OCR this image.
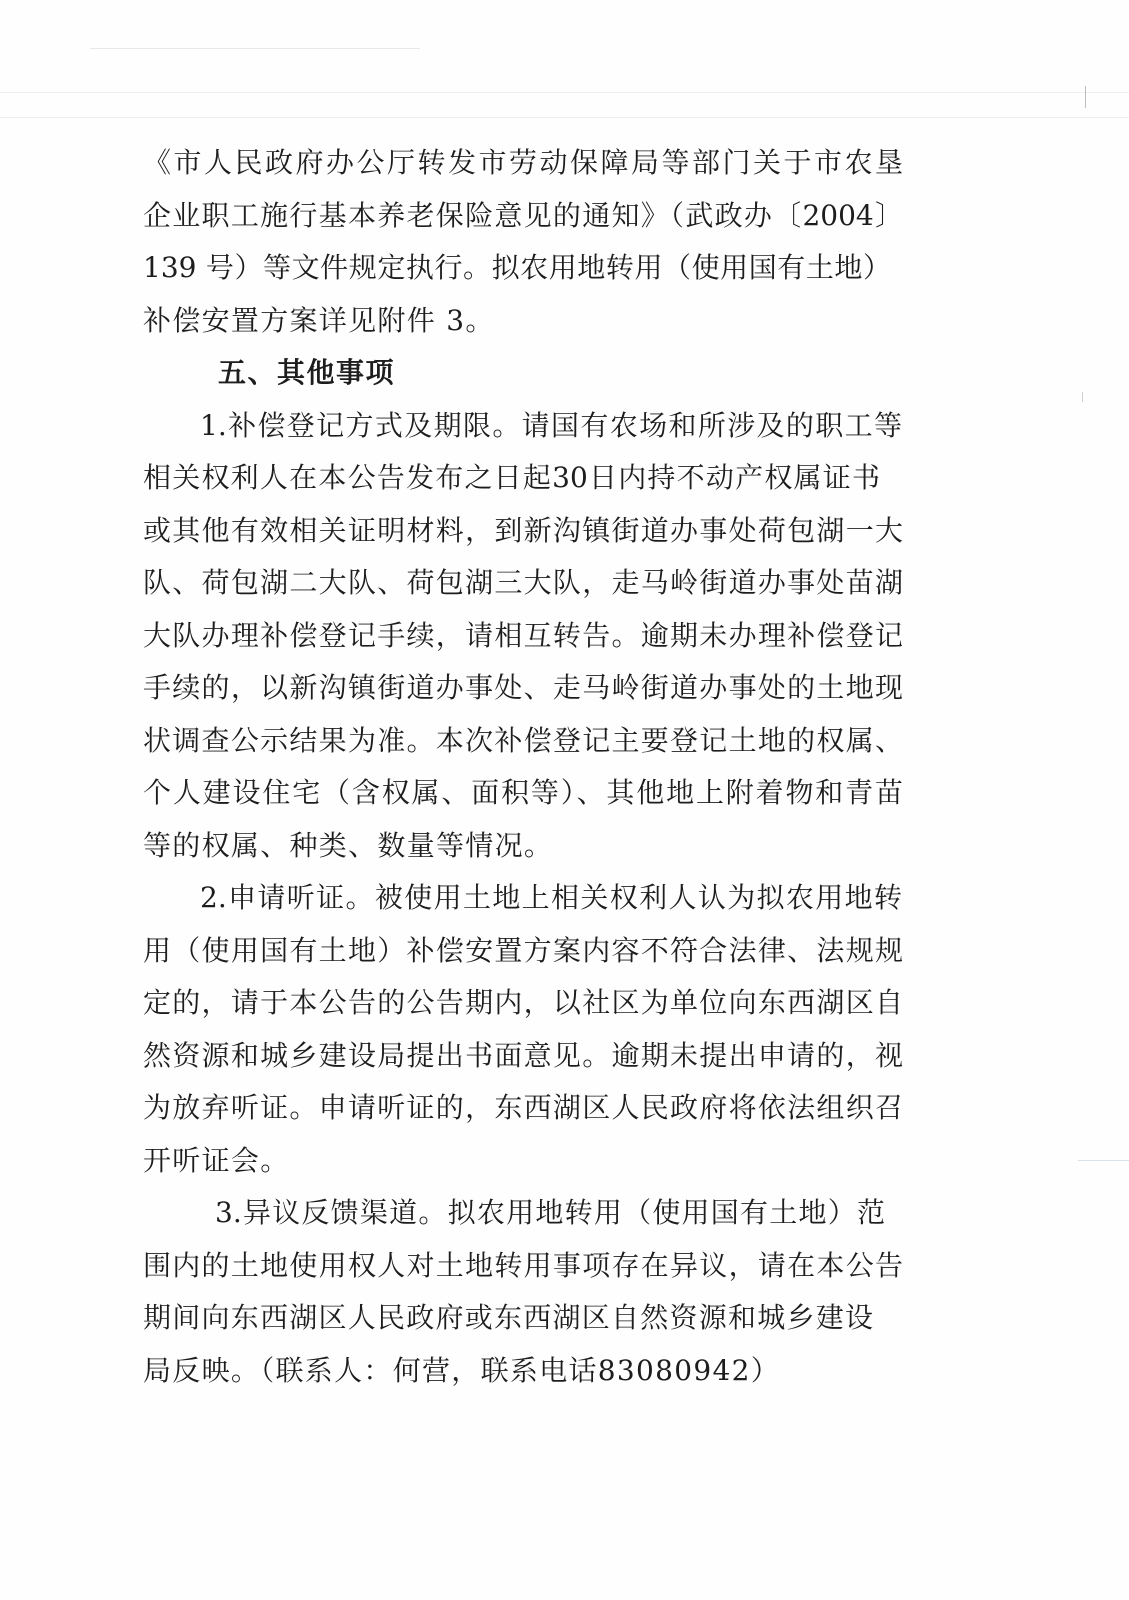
《市人民政府办公厅转发市劳动保障局等部门关于市农垦
企业职工施行基本养老保险意见的通知》（武政办〔2004〕
139 号）等文件规定执行。拟农用地转用（使用国有土地）
补偿安置方案详见附件 3。
五、其他事项
1.补偿登记方式及期限。请国有农场和所涉及的职工等
相关权利人在本公告发布之日起30日内持不动产权属证书
或其他有效相关证明材料，到新沟镇街道办事处荷包湖一大
队、荷包湖二大队、荷包湖三大队，走马岭街道办事处苗湖
大队办理补偿登记手续，请相互转告。逾期未办理补偿登记
手续的，以新沟镇街道办事处、走马岭街道办事处的土地现
状调查公示结果为准。本次补偿登记主要登记土地的权属、
个人建设住宅（含权属、面积等）、其他地上附着物和青苗
等的权属、种类、数量等情况。
2.申请听证。被使用土地上相关权利人认为拟农用地转
用（使用国有土地）补偿安置方案内容不符合法律、法规规
定的，请于本公告的公告期内，以社区为单位向东西湖区自
然资源和城乡建设局提出书面意见。逾期未提出申请的，视
为放弃听证。申请听证的，东西湖区人民政府将依法组织召
开听证会。
3.异议反馈渠道。拟农用地转用（使用国有土地）范
围内的土地使用权人对土地转用事项存在异议，请在本公告
期间向东西湖区人民政府或东西湖区自然资源和城乡建设
局反映。（联系人：何营，联系电话83080942）
